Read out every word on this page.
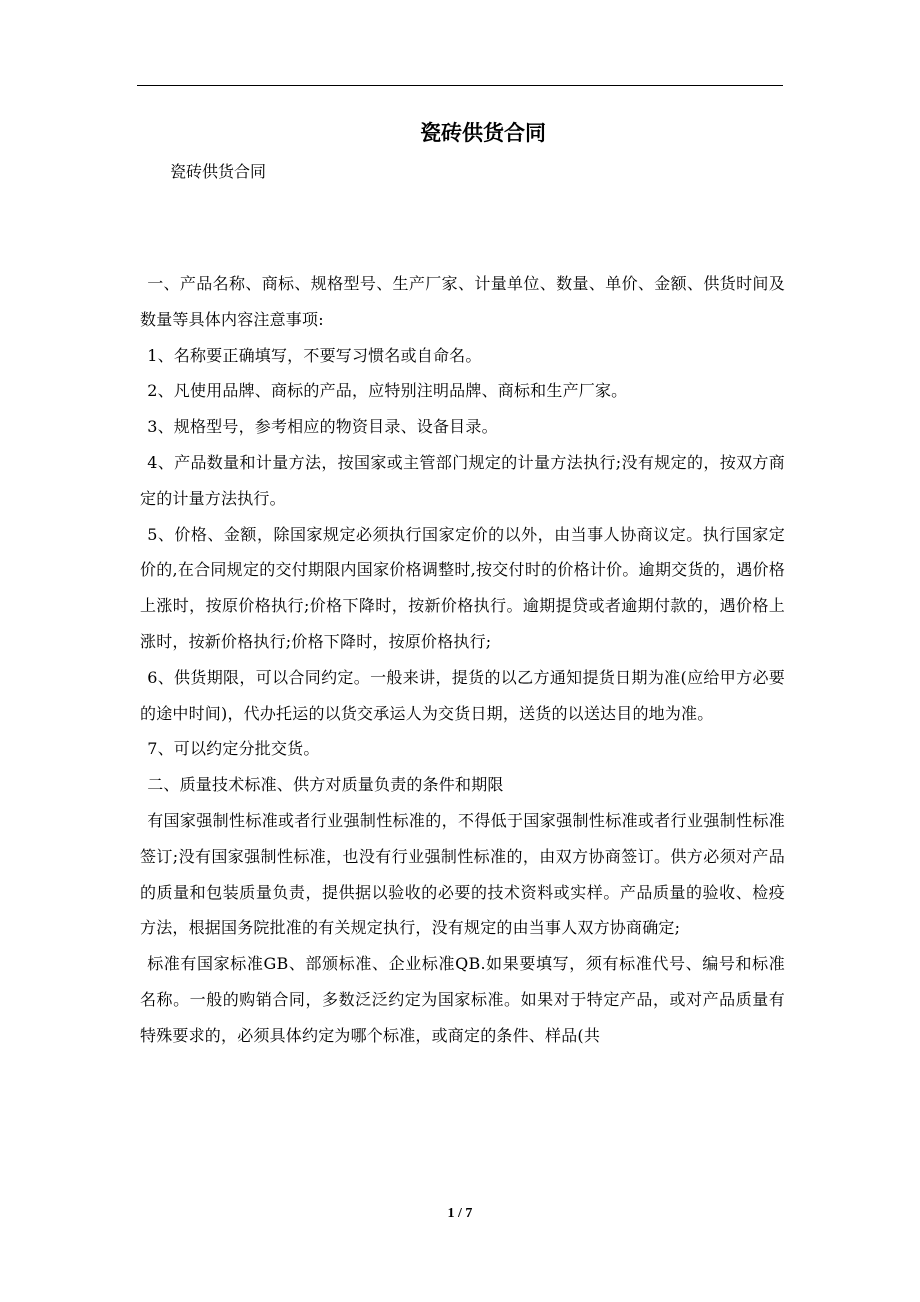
瓷砖供货合同

瓷砖供货合同

一、产品名称、商标、规格型号、生产厂家、计量单位、数量、单价、金额、供货时间及数量等具体内容注意事项:

1、名称要正确填写，不要写习惯名或自命名。

2、凡使用品牌、商标的产品，应特别注明品牌、商标和生产厂家。

3、规格型号，参考相应的物资目录、设备目录。

4、产品数量和计量方法，按国家或主管部门规定的计量方法执行;没有规定的，按双方商定的计量方法执行。

5、价格、金额，除国家规定必须执行国家定价的以外，由当事人协商议定。执行国家定价的,在合同规定的交付期限内国家价格调整时,按交付时的价格计价。逾期交货的，遇价格上涨时，按原价格执行;价格下降时，按新价格执行。逾期提贷或者逾期付款的，遇价格上涨时，按新价格执行;价格下降时，按原价格执行;

6、供货期限，可以合同约定。一般来讲，提货的以乙方通知提货日期为准(应给甲方必要的途中时间)，代办托运的以货交承运人为交货日期，送货的以送达目的地为准。

7、可以约定分批交货。

二、质量技术标准、供方对质量负责的条件和期限

有国家强制性标准或者行业强制性标准的，不得低于国家强制性标准或者行业强制性标准签订;没有国家强制性标准，也没有行业强制性标准的，由双方协商签订。供方必须对产品的质量和包装质量负责，提供据以验收的必要的技术资料或实样。产品质量的验收、检疫方法，根据国务院批准的有关规定执行，没有规定的由当事人双方协商确定;

标准有国家标准GB、部颁标准、企业标准QB.如果要填写，须有标准代号、编号和标准名称。一般的购销合同，多数泛泛约定为国家标准。如果对于特定产品，或对产品质量有特殊要求的，必须具体约定为哪个标准，或商定的条件、样品(共

1 / 7
